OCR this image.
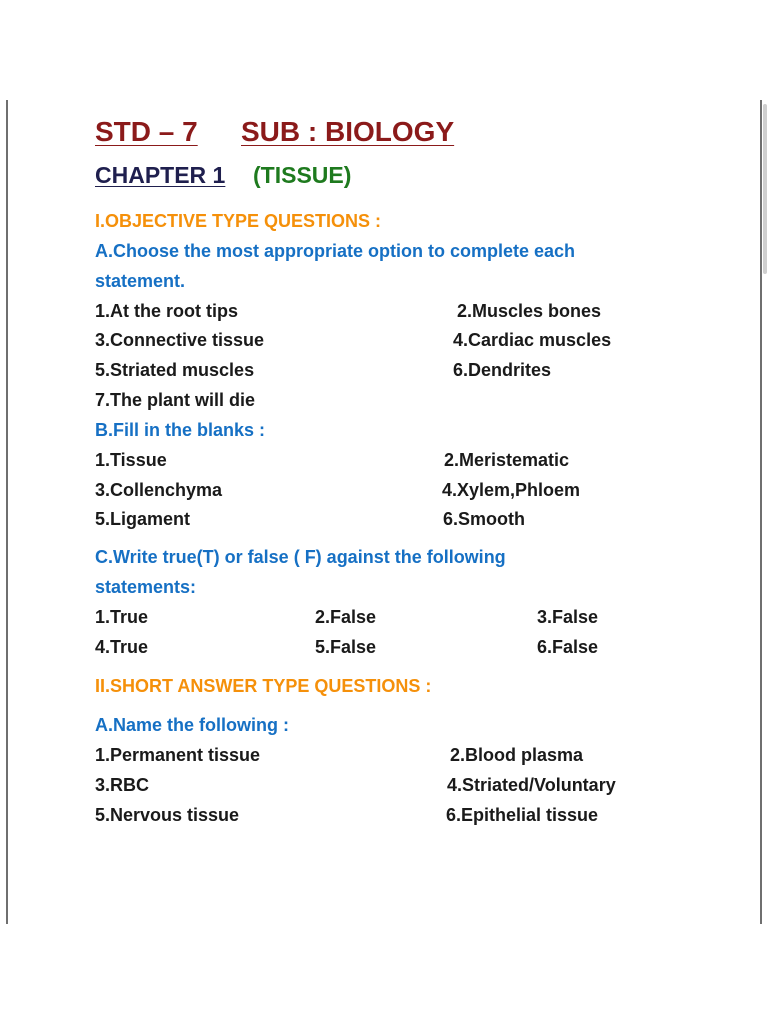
STD – 7 SUB : BIOLOGY
CHAPTER 1 (TISSUE)
I.OBJECTIVE TYPE QUESTIONS :
A.Choose the most appropriate option to complete each
statement.
1.At the root tips	2.Muscles bones
3.Connective tissue	4.Cardiac muscles
5.Striated muscles	6.Dendrites
7.The plant will die
B.Fill in the blanks :
1.Tissue	2.Meristematic
3.Collenchyma	4.Xylem,Phloem
5.Ligament	6.Smooth
C.Write true(T) or false ( F) against the following
statements:
1.True	2.False	3.False
4.True	5.False	6.False
II.SHORT ANSWER TYPE QUESTIONS :
A.Name the following :
1.Permanent tissue	2.Blood plasma
3.RBC	4.Striated/Voluntary
5.Nervous tissue	6.Epithelial tissue
